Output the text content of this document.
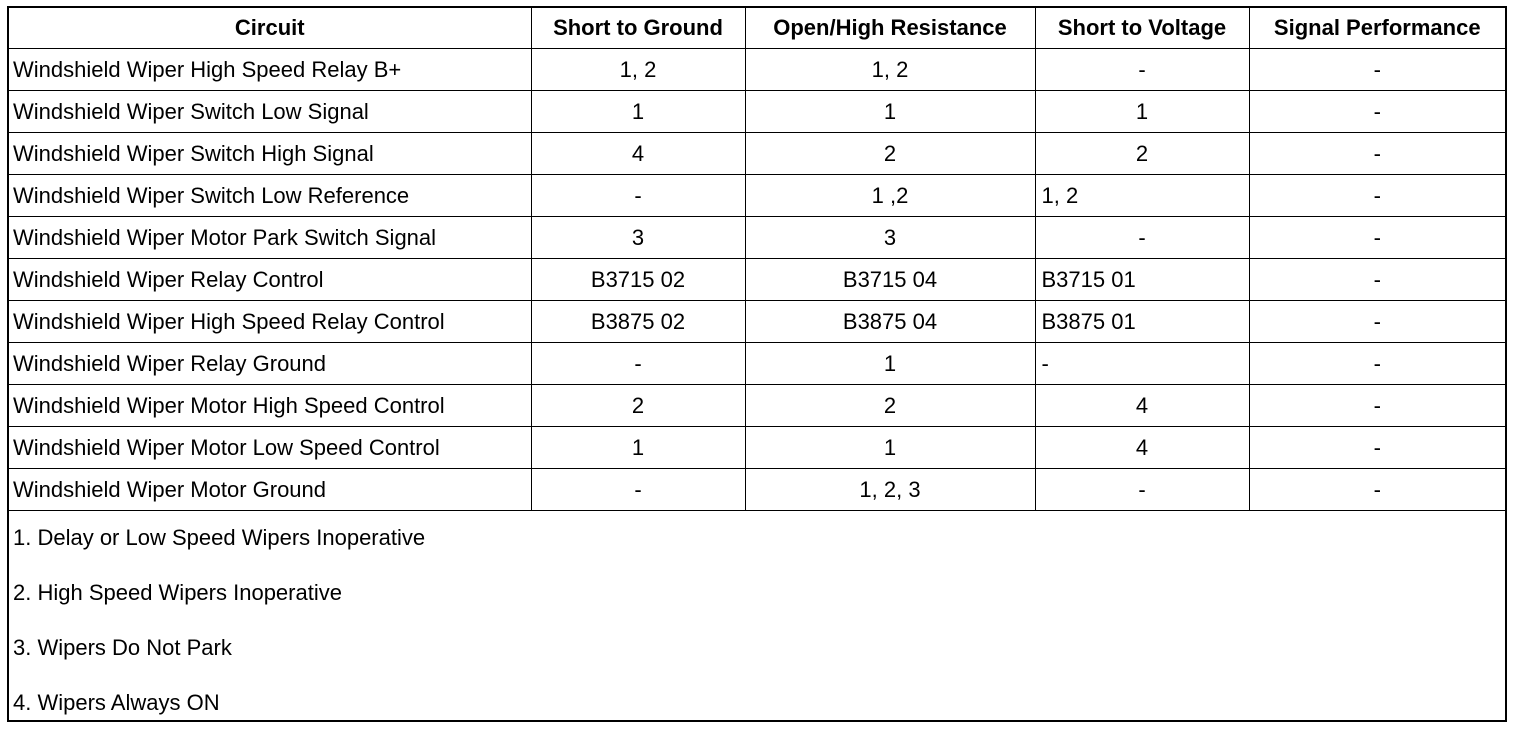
Circuit	Short to Ground	Open/High Resistance	Short to Voltage	Signal Performance
Windshield Wiper High Speed Relay B+	1, 2	1, 2	-	-
Windshield Wiper Switch Low Signal	1	1	1	-
Windshield Wiper Switch High Signal	4	2	2	-
Windshield Wiper Switch Low Reference	-	1 ,2	1, 2	-
Windshield Wiper Motor Park Switch Signal	3	3	-	-
Windshield Wiper Relay Control	B3715 02	B3715 04	B3715 01	-
Windshield Wiper High Speed Relay Control	B3875 02	B3875 04	B3875 01	-
Windshield Wiper Relay Ground	-	1	-	-
Windshield Wiper Motor High Speed Control	2	2	4	-
Windshield Wiper Motor Low Speed Control	1	1	4	-
Windshield Wiper Motor Ground	-	1, 2, 3	-	-
1. Delay or Low Speed Wipers Inoperative
2. High Speed Wipers Inoperative
3. Wipers Do Not Park
4. Wipers Always ON
